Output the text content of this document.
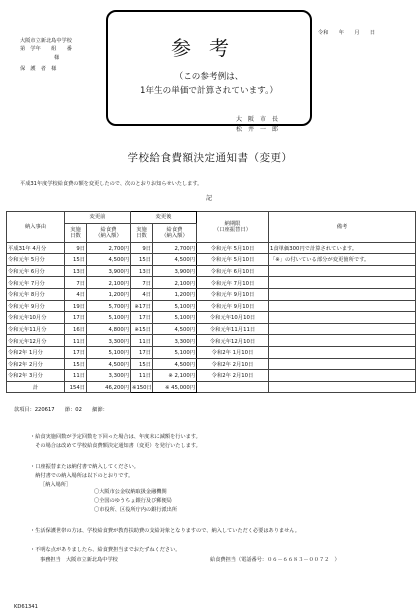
大阪市立新北島中学校
第　学年　　組　　番
様
保　護　者　様
令和　　年　　月　　日
参考
（この参考例は、
1年生の単価で計算されています。）
大　阪　市　長
松　井　一　郎
学校給食費額決定通知書（変更）
平成31年度学校給食費の額を変更したので、次のとおりお知らせいたします。
記
納入事由	変更前		変更後		納期限
（口座振替日）	備考
	実施
日数	給食費
（納入額）	実施
日数	給食費
（納入額）		
平成31年 4月分	9日	2,700円	9日	2,700円	令和元年 5月10日	1食単価300円で計算されています。
令和元年 5月分	15日	4,500円	15日	4,500円	令和元年 5月10日	「※」の付いている部分が変更箇所です。
令和元年 6月分	13日	3,900円	13日	3,900円	令和元年 6月10日	
令和元年 7月分	7日	2,100円	7日	2,100円	令和元年 7月10日	
令和元年 8月分	4日	1,200円	4日	1,200円	令和元年 9月10日	
令和元年 9月分	19日	5,700円	※17日	5,100円	令和元年 9月10日	
令和元年10月分	17日	5,100円	17日	5,100円	令和元年10月10日	
令和元年11月分	16日	4,800円	※15日	4,500円	令和元年11月11日	
令和元年12月分	11日	3,300円	11日	3,300円	令和元年12月10日	
令和2年 1月分	17日	5,100円	17日	5,100円	令和2年 1月10日	
令和2年 2月分	15日	4,500円	15日	4,500円	令和2年 2月10日	
令和2年 3月分	11日	3,300円	11日	※ 2,100円	令和2年 2月10日	
計	154日	46,200円	※150日	※ 45,000円		
款項目：220617　　節：02　　細節：
・給食実施回数が予定回数を下回った場合は、年度末に減額を行います。
　その場合は改めて学校給食費額決定通知書（変更）を発行いたします。
・口座振替または納付書で納入してください。
　納付書での納入場所は以下のとおりです。
［納入場所］
〇大阪市公金収納取扱金融機関
〇全国のゆうちょ銀行及び郵便局
〇市役所、区役所庁内の銀行派出所
・生活保護世帯の方は、学校給食費が教育扶助費の支給対象となりますので、納入していただく必要はありません。
・不明な点がありましたら、給食費担当までおたずねください。
事務担当　大阪市立新北島中学校	給食費担当（電話番号：０６－６６８３－００７２　）
KD61341
